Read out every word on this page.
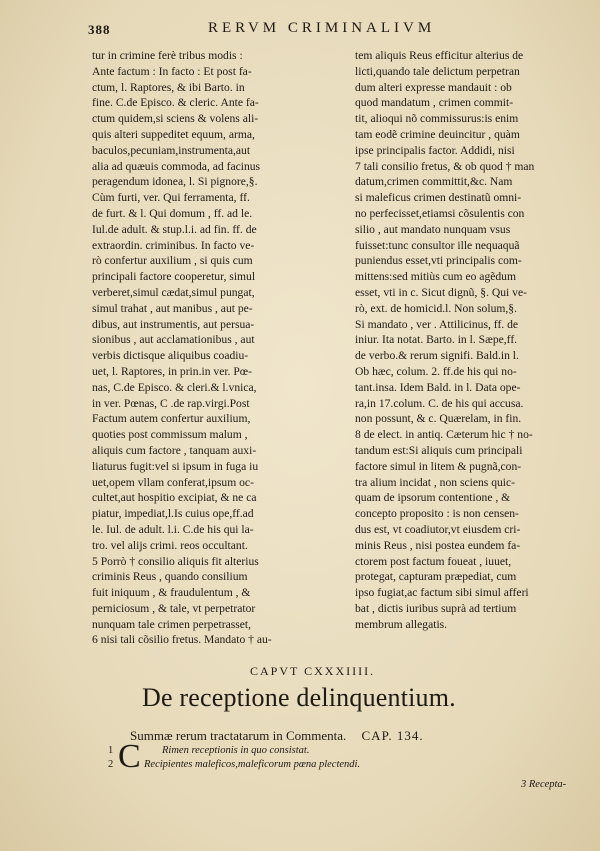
388	RERVM CRIMINALIVM
tur in crimine ferè tribus modis :
Ante factum : In facto : Et post fa-
ctum, l. Raptores, & ibi Barto. in
fine. C.de Episco. & cleric. Ante fa-
ctum quidem,si sciens & volens ali-
quis alteri suppeditet equum, arma,
baculos,pecuniam,instrumenta,aut
alia ad quæuis commoda, ad facinus
peragendum idonea, l. Si pignore,§.
Cùm furti, ver. Qui ferramenta, ff.
de furt. & l. Qui domum , ff. ad le.
Iul.de adult. & stup.l.i. ad fin. ff. de
extraordin. criminibus. In facto ve-
rò confertur auxilium , si quis cum
principali factore cooperetur, simul
verberet,simul cædat,simul pungat,
simul trahat , aut manibus , aut pe-
dibus, aut instrumentis, aut persua-
sionibus , aut acclamationibus , aut
verbis dictisque aliquibus coadiu-
uet, l. Raptores, in prin.in ver. Pœ-
nas, C.de Episco. & cleri.& l.vnica,
in ver. Pœnas, C .de rap.virgi.Post
Factum autem confertur auxilium,
quoties post commissum malum ,
aliquis cum factore , tanquam auxi-
liaturus fugit:vel si ipsum in fuga iu
uet,opem vllam conferat,ipsum oc-
cultet,aut hospitio excipiat, & ne ca
piatur, impediat,l.Is cuius ope,ff.ad
le. Iul. de adult. l.i. C.de his qui la-
tro. vel alijs crimi. reos occultant.
5 Porrò † consilio aliquis fit alterius
criminis Reus , quando consilium
fuit iniquum , & fraudulentum , &
perniciosum , & tale, vt perpetrator
nunquam tale crimen perpetrasset,
6 nisi tali cõsilio fretus. Mandato † au-
tem aliquis Reus efficitur alterius de
licti,quando tale delictum perpetran
dum alteri expresse mandauit : ob
quod mandatum , crimen commit-
tit, alioqui nõ commissurus:is enim
tam eodẽ crimine deuincitur , quàm
ipse principalis factor. Addidi, nisi
7 tali consilio fretus, & ob quod † man
datum,crimen committit,&c. Nam
si maleficus crimen destinatũ omni-
no perfecisset,etiamsi cõsulentis con
silio , aut mandato nunquam vsus
fuisset:tunc consultor ille nequaquã
puniendus esset,vti principalis com-
mittens:sed mitiùs cum eo agẽdum
esset, vti in c. Sicut dignũ, §. Qui ve-
rò, ext. de homicid.l. Non solum,§.
Si mandato , ver . Attilicinus, ff. de
iniur. Ita notat. Barto. in l. Sæpe,ff.
de verbo.& rerum signifi. Bald.in l.
Ob hæc, colum. 2. ff.de his qui no-
tant.insa. Idem Bald. in l. Data ope-
ra,in 17.colum. C. de his qui accusa.
non possunt, & c. Quærelam, in fin.
8 de elect. in antiq. Cæterum hic † no-
tandum est:Si aliquis cum principali
factore simul in litem & pugnã,con-
tra alium incidat , non sciens quic-
quam de ipsorum contentione , &
concepto proposito : is non censen-
dus est, vt coadiutor,vt eiusdem cri-
minis Reus , nisi postea eundem fa-
ctorem post factum foueat , iuuet,
protegat, capturam præpediat, cum
ipso fugiat,ac factum sibi simul afferi
bat , dictis iuribus suprà ad tertium
membrum allegatis.
CAPVT CXXXIIII.
De receptione delinquentium.
Summæ rerum tractatarum in Commenta. CAP. 134.
C
1	Rimen receptionis in quo consistat.
2	Recipientes maleficos,maleficorum pœna plectendi.
3 Recepta-
